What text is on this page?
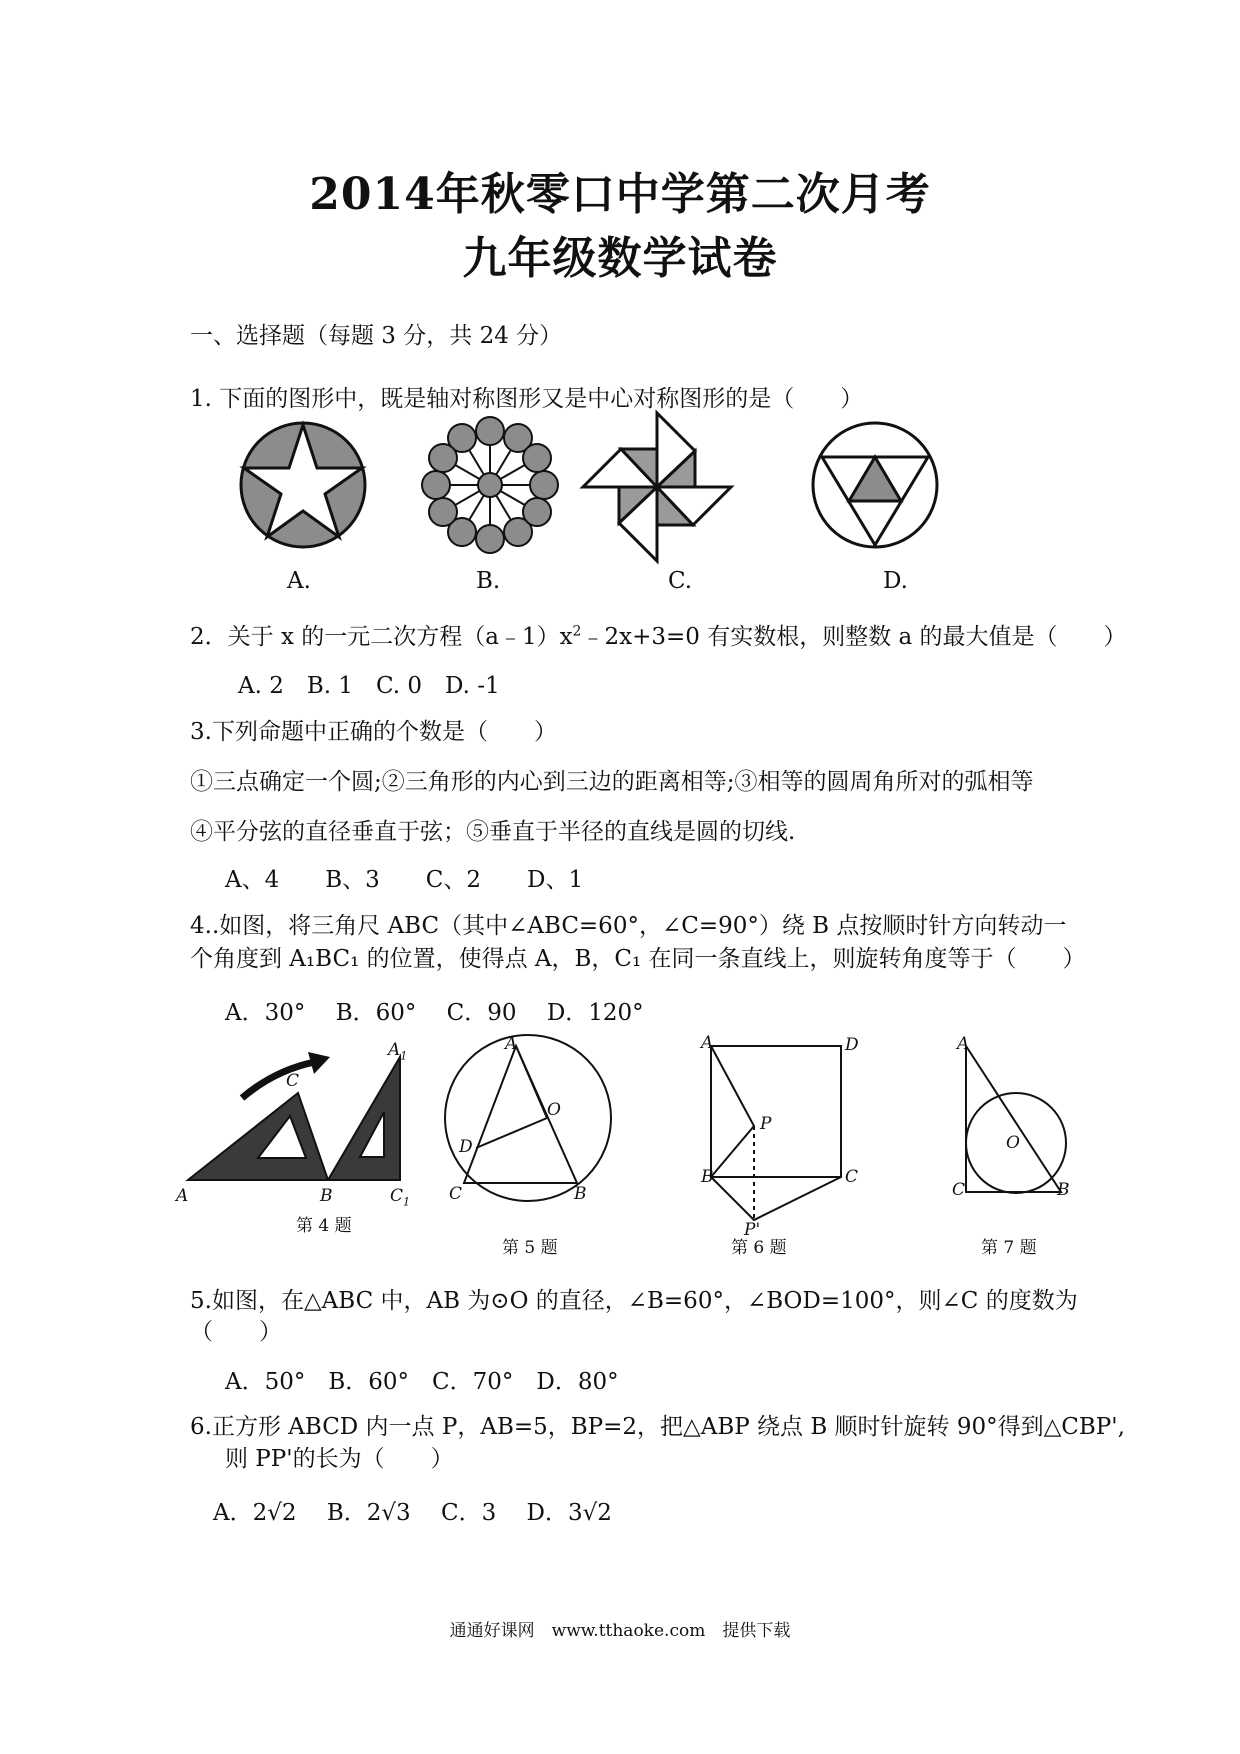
2014年秋零口中学第二次月考
九年级数学试卷
一、选择题（每题 3 分，共 24 分）
1. 下面的图形中，既是轴对称图形又是中心对称图形的是（　　）
A.	B.	C.	D.
2．关于 x 的一元二次方程$(a﹣1)x^2﹣2x+3=0$ 有实数根，则整数 a 的最大值是（　　）
A. 2　B. 1　C. 0　D. -1
3.下列命题中正确的个数是（　　）
①三点确定一个圆;②三角形的内心到三边的距离相等;③相等的圆周角所对的弧相等
④平分弦的直径垂直于弦；⑤垂直于半径的直线是圆的切线.
A、4　　B、3　　C、2　　D、1
4..如图，将三角尺 ABC（其中∠ABC=60°，∠C=90°）绕 B 点按顺时针方向转动一
个角度到 A₁BC₁ 的位置，使得点 A，B，C₁ 在同一条直线上，则旋转角度等于（　　）
A．30°　 B．60°　 C．90　 D．120°
A	B
C
$A_1$
$C_1$
A
O
D
C	B
A	D
P
B	C
P'
A
O
C	B
第 4 题
第 5 题	第 6 题	第 7 题
5.如图，在△ABC 中，AB 为⊙O 的直径，∠B=60°，∠BOD=100°，则∠C 的度数为
（　　）
A．50°　B．60°　C．70°　D．80°
6.正方形 ABCD 内一点 P，AB=5，BP=2，把△ABP 绕点 B 顺时针旋转 90°得到△CBP',
则 PP'的长为（　　）
A．2√2　 B．2√3　 C．3　 D．3√2
通通好课网　www.tthaoke.com　提供下载
